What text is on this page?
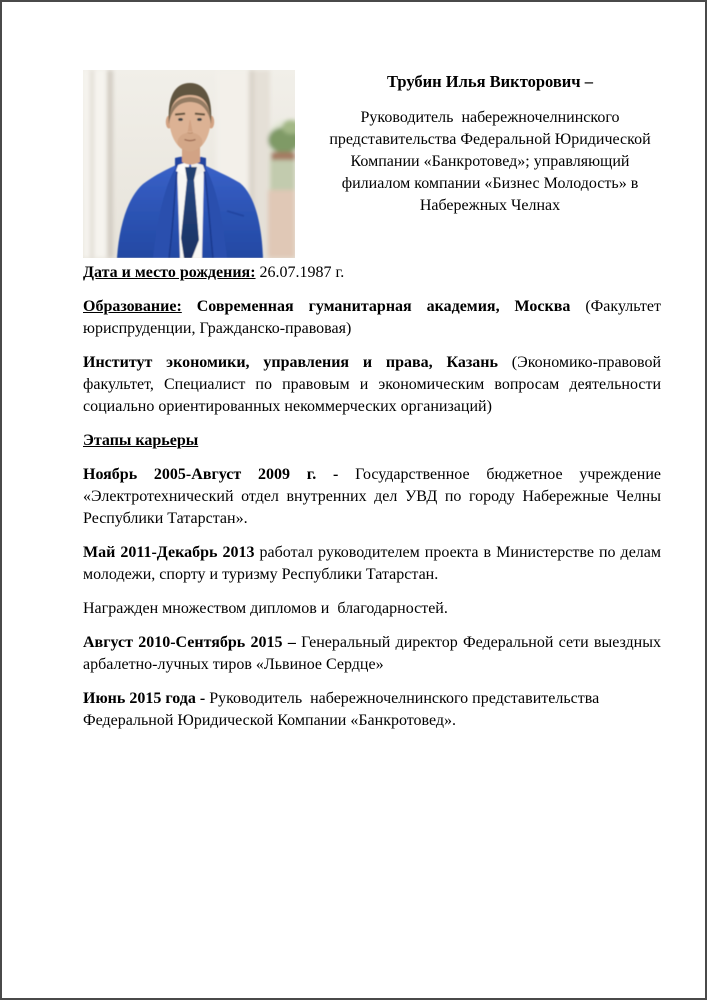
Трубин Илья Викторович –
Руководитель  набережночелнинского
представительства Федеральной Юридической
Компании «Банкротовед»; управляющий
филиалом компании «Бизнес Молодость» в
Набережных Челнах

Дата и место рождения: 26.07.1987 г.

Образование: Современная гуманитарная академия, Москва (Факультет юриспруденции, Гражданско-правовая)

Институт экономики, управления и права, Казань (Экономико-правовой факультет, Специалист по правовым и экономическим вопросам деятельности социально ориентированных некоммерческих организаций)

Этапы карьеры

Ноябрь 2005-Август 2009 г. - Государственное бюджетное учреждение «Электротехнический отдел внутренних дел УВД по городу Набережные Челны Республики Татарстан».

Май 2011-Декабрь 2013 работал руководителем проекта в Министерстве по делам молодежи, спорту и туризму Республики Татарстан.

Награжден множеством дипломов и  благодарностей.

Август 2010-Сентябрь 2015 – Генеральный директор Федеральной сети выездных арбалетно-лучных тиров «Львиное Сердце»

Июнь 2015 года - Руководитель  набережночелнинского представительства Федеральной Юридической Компании «Банкротовед».
